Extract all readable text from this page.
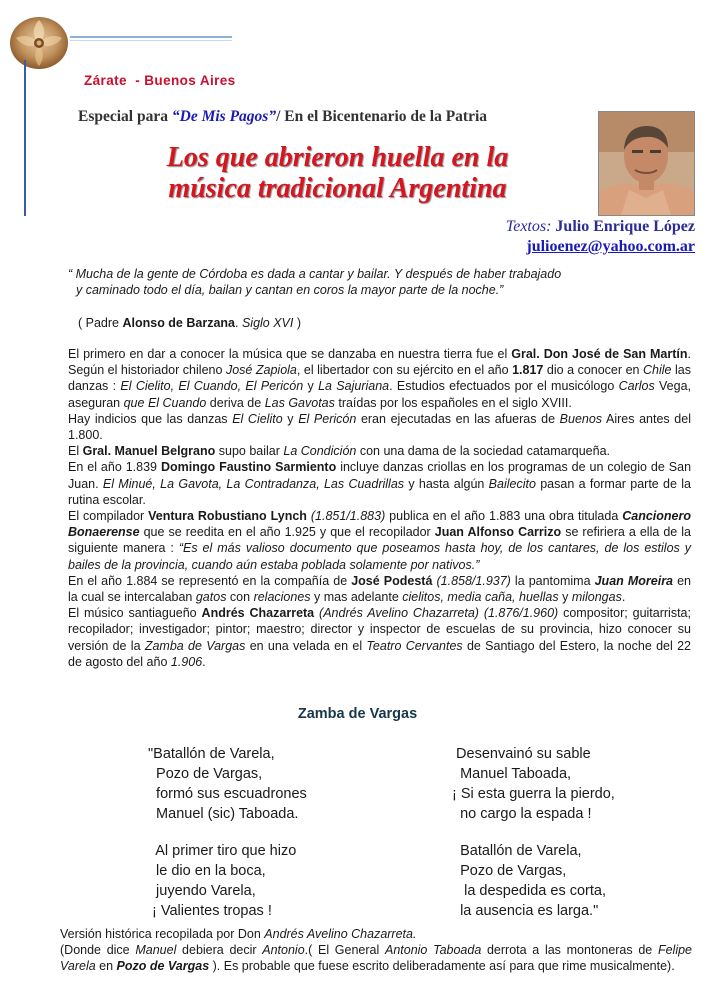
Zárate  - Buenos Aires
Especial para “De Mis Pagos”/ En el Bicentenario de la Patria
Los que abrieron huella en la
música tradicional Argentina
Textos: Julio Enrique López
julioenez@yahoo.com.ar
“ Mucha de la gente de Córdoba es dada a cantar y bailar. Y después de haber trabajado
y caminado todo el día, bailan y cantan en coros la mayor parte de la noche.”
( Padre Alonso de Barzana. Siglo XVI )

El primero en dar a conocer la música que se danzaba en nuestra tierra fue el Gral. Don José de San Martín. Según el historiador chileno José Zapiola, el libertador con su ejército en el año 1.817 dio a conocer en Chile las danzas : El Cielito, El Cuando, El Pericón y La Sajuriana. Estudios efectuados por el musicólogo Carlos Vega, aseguran que El Cuando deriva de Las Gavotas traídas por los españoles en el siglo XVIII.

Hay indicios que las danzas El Cielito y El Pericón eran ejecutadas en las afueras de Buenos Aires antes del 1.800.

El Gral. Manuel Belgrano supo bailar La Condición con una dama de la sociedad catamarqueña.

En el año 1.839 Domingo Faustino Sarmiento incluye danzas criollas en los programas de un colegio de San Juan. El Minué, La Gavota, La Contradanza, Las Cuadrillas y hasta algún Bailecito pasan a formar parte de la rutina escolar.

El compilador Ventura Robustiano Lynch (1.851/1.883) publica en el año 1.883 una obra titulada Cancionero Bonaerense que se reedita en el año 1.925 y que el recopilador Juan Alfonso Carrizo se refiriera a ella de la siguiente manera : “Es el más valioso documento que poseamos hasta hoy, de los cantares, de los estilos y bailes de la provincia, cuando aún estaba poblada solamente por nativos.”

En el año 1.884 se representó en la compañía de José Podestá (1.858/1.937) la pantomima Juan Moreira en la cual se intercalaban gatos con relaciones y mas adelante cielitos, media caña, huellas y milongas.

El músico santiagueño Andrés Chazarreta (Andrés Avelino Chazarreta) (1.876/1.960) compositor; guitarrista; recopilador; investigador; pintor; maestro; director y inspector de escuelas de su provincia, hizo conocer su versión de la Zamba de Vargas en una velada en el Teatro Cervantes de Santiago del Estero, la noche del 22 de agosto del año 1.906.

Zamba de Vargas
"Batallón de Varela,
Pozo de Vargas,
formó sus escuadrones
Manuel (sic) Taboada.
Al primer tiro que hizo
le dio en la boca,
juyendo Varela,
¡ Valientes tropas !
Desenvainó su sable
Manuel Taboada,
¡ Si esta guerra la pierdo,
no cargo la espada !
Batallón de Varela,
Pozo de Vargas,
la despedida es corta,
la ausencia es larga."

Versión histórica recopilada por Don Andrés Avelino Chazarreta.

(Donde dice Manuel debiera decir Antonio.( El General Antonio Taboada derrota a las montoneras de Felipe Varela en Pozo de Vargas ). Es probable que fuese escrito deliberadamente así para que rime musicalmente).
